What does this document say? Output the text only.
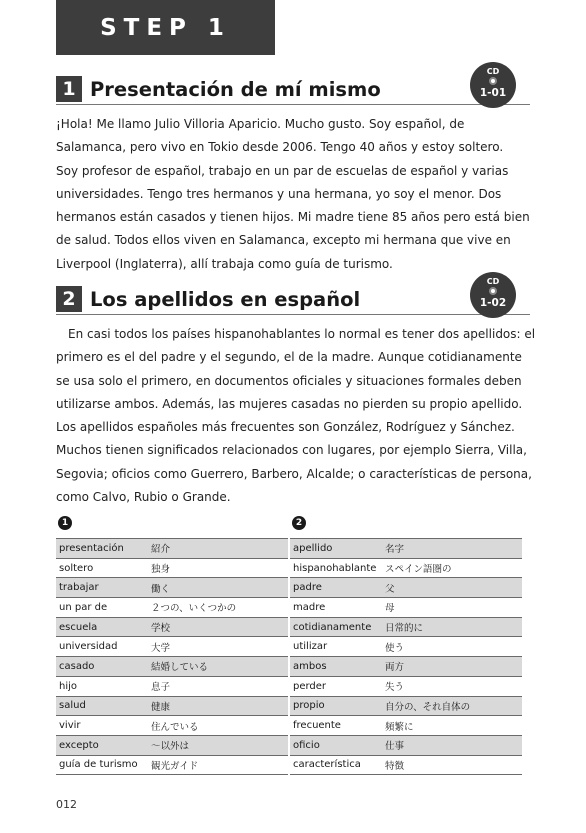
STEP 1
1 Presentación de mí mismo
CD
1-01
¡Hola! Me llamo Julio Villoria Aparicio. Mucho gusto. Soy español, de
Salamanca, pero vivo en Tokio desde 2006. Tengo 40 años y estoy soltero.
Soy profesor de español, trabajo en un par de escuelas de español y varias
universidades. Tengo tres hermanos y una hermana, yo soy el menor. Dos
hermanos están casados y tienen hijos. Mi madre tiene 85 años pero está bien
de salud. Todos ellos viven en Salamanca, excepto mi hermana que vive en
Liverpool (Inglaterra), allí trabaja como guía de turismo.
2 Los apellidos en español
CD
1-02
En casi todos los países hispanohablantes lo normal es tener dos apellidos: el
primero es el del padre y el segundo, el de la madre. Aunque cotidianamente
se usa solo el primero, en documentos oficiales y situaciones formales deben
utilizarse ambos. Además, las mujeres casadas no pierden su propio apellido.
Los apellidos españoles más frecuentes son González, Rodríguez y Sánchez.
Muchos tienen significados relacionados con lugares, por ejemplo Sierra, Villa,
Segovia; oficios como Guerrero, Barbero, Alcalde; o características de persona,
como Calvo, Rubio o Grande.
1
presentación	紹介
soltero	独身
trabajar	働く
un par de	２つの、いくつかの
escuela	学校
universidad	大学
casado	結婚している
hijo	息子
salud	健康
vivir	住んでいる
excepto	〜以外は
guía de turismo	観光ガイド
2
apellido	名字
hispanohablante	スペイン語圏の
padre	父
madre	母
cotidianamente	日常的に
utilizar	使う
ambos	両方
perder	失う
propio	自分の、それ自体の
frecuente	頻繁に
oficio	仕事
característica	特徴
012
